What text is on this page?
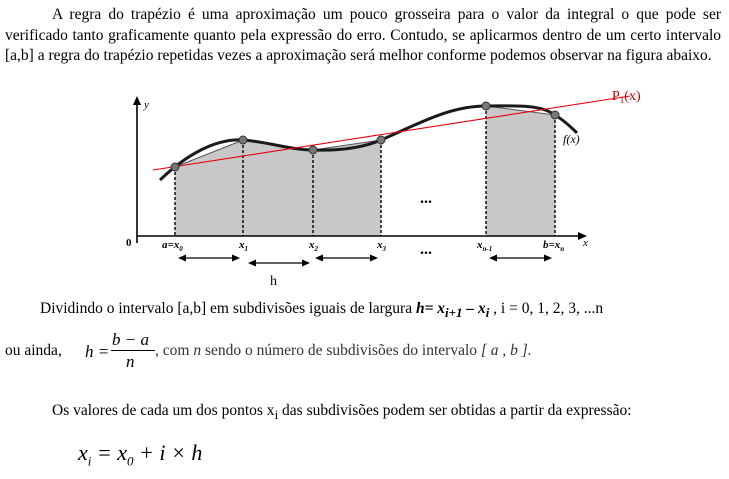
A regra do trapézio é uma aproximação um pouco grosseira para o valor da integral o que pode ser verificado tanto graficamente quanto pela expressão do erro. Contudo, se aplicarmos dentro de um certo intervalo [a,b] a regra do trapézio repetidas vezes a aproximação será melhor conforme podemos observar na figura abaixo.

y
$P_1(x)$
f(x)
...
0	$a=x_0$	$x_1$	$x_2$	$x_3$ ...	$x_{n-1}$	$b=x_n$ x
h
Dividindo o intervalo [a,b] em subdivisões iguais de largura $h= x_{i+1} - x_i$ , i = 0, 1, 2, 3, ...n
ou ainda, h =
b − a
n
, com n sendo o número de subdivisões do intervalo [ a , b ].
Os valores de cada um dos pontos $x_i$ das subdivisões podem ser obtidas a partir da expressão:
$x_i = x_0 + i \times h$
